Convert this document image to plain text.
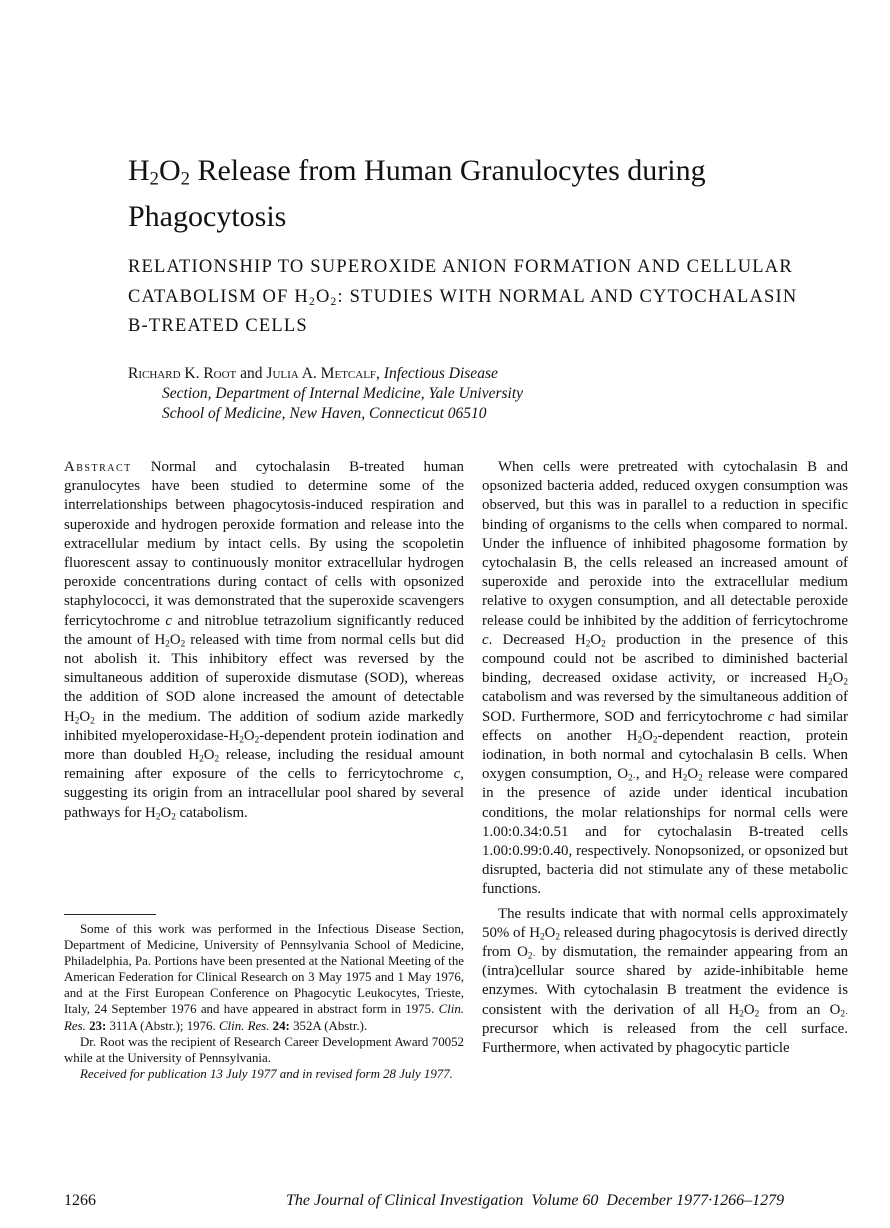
$H_2O_2$ Release from Human Granulocytes during Phagocytosis
RELATIONSHIP TO SUPEROXIDE ANION FORMATION AND CELLULAR
CATABOLISM OF $H_2O_2$: STUDIES WITH NORMAL AND CYTOCHALASIN
B-TREATED CELLS
Richard K. Root and Julia A. Metcalf, Infectious Disease
Section, Department of Internal Medicine, Yale University
School of Medicine, New Haven, Connecticut 06510

Abstract Normal and cytochalasin B-treated human granulocytes have been studied to determine some of the interrelationships between phagocytosis-induced respiration and superoxide and hydrogen peroxide formation and release into the extracellular medium by intact cells. By using the scopoletin fluorescent assay to continuously monitor extracellular hydrogen peroxide concentrations during contact of cells with opsonized staphylococci, it was demonstrated that the superoxide scavengers ferricytochrome c and nitroblue tetrazolium significantly reduced the amount of $H_2O_2$ released with time from normal cells but did not abolish it. This inhibitory effect was reversed by the simultaneous addition of superoxide dismutase (SOD), whereas the addition of SOD alone increased the amount of detectable $H_2O_2$ in the medium. The addition of sodium azide markedly inhibited myeloperoxidase-$H_2O_2$-dependent protein iodination and more than doubled $H_2O_2$ release, including the residual amount remaining after exposure of the cells to ferricytochrome c, suggesting its origin from an intracellular pool shared by several pathways for $H_2O_2$ catabolism.

When cells were pretreated with cytochalasin B and opsonized bacteria added, reduced oxygen consumption was observed, but this was in parallel to a reduction in specific binding of organisms to the cells when compared to normal. Under the influence of inhibited phagosome formation by cytochalasin B, the cells released an increased amount of superoxide and peroxide into the extracellular medium relative to oxygen consumption, and all detectable peroxide release could be inhibited by the addition of ferricytochrome c. Decreased $H_2O_2$ production in the presence of this compound could not be ascribed to diminished bacterial binding, decreased oxidase activity, or increased $H_2O_2$ catabolism and was reversed by the simultaneous addition of SOD. Furthermore, SOD and ferricytochrome c had similar effects on another $H_2O_2$-dependent reaction, protein iodination, in both normal and cytochalasin B cells. When oxygen consumption, $O_{2\cdot}$, and $H_2O_2$ release were compared in the presence of azide under identical incubation conditions, the molar relationships for normal cells were 1.00:0.34:0.51 and for cytochalasin B-treated cells 1.00:0.99:0.40, respectively. Nonopsonized, or opsonized but disrupted, bacteria did not stimulate any of these metabolic functions.

The results indicate that with normal cells approximately 50% of $H_2O_2$ released during phagocytosis is derived directly from $O_{2\cdot}$ by dismutation, the remainder appearing from an (intra)cellular source shared by azide-inhibitable heme enzymes. With cytochalasin B treatment the evidence is consistent with the derivation of all $H_2O_2$ from an $O_{2\cdot}$ precursor which is released from the cell surface. Furthermore, when activated by phagocytic particle

Some of this work was performed in the Infectious Disease Section, Department of Medicine, University of Pennsylvania School of Medicine, Philadelphia, Pa. Portions have been presented at the National Meeting of the American Federation for Clinical Research on 3 May 1975 and 1 May 1976, and at the First European Conference on Phagocytic Leukocytes, Trieste, Italy, 24 September 1976 and have appeared in abstract form in 1975. Clin. Res. 23: 311A (Abstr.); 1976. Clin. Res. 24: 352A (Abstr.).

Dr. Root was the recipient of Research Career Development Award 70052 while at the University of Pennsylvania.

Received for publication 13 July 1977 and in revised form 28 July 1977.

1266	The Journal of Clinical Investigation Volume 60 December 1977·1266–1279
